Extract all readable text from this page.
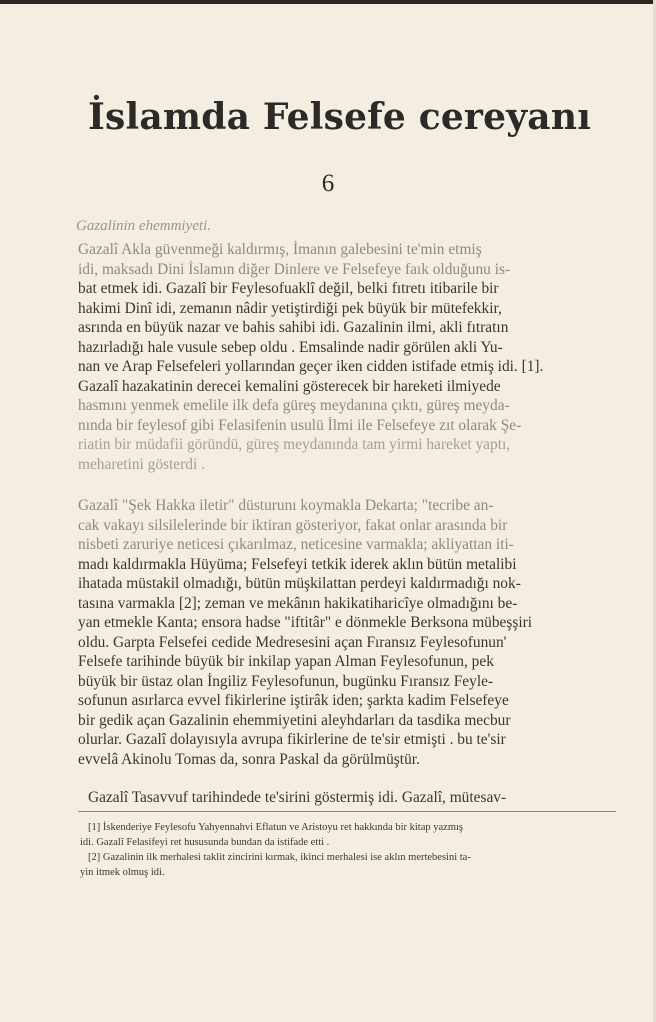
İslamda Felsefe cereyanı
6
Gazalinin ehemmiyeti.
Gazalî Akla güvenmeği kaldırmış, İmanın galebesini te'min etmiş
idi, maksadı Dini İslamın diğer Dinlere ve Felsefeye faık olduğunu is-
bat etmek idi. Gazalî bir Feylesofuaklî değil, belki fıtretı itibarile bir
hakimi Dinî idi, zemanın nâdir yetiştirdiği pek büyük bir mütefekkir,
asrında en büyük nazar ve bahis sahibi idi. Gazalinin ilmi, akli fıtratın
hazırladığı hale vusule sebep oldu . Emsalinde nadir görülen akli Yu-
nan ve Arap Felsefeleri yollarından geçer iken cidden istifade etmiş idi. [1].
Gazalî hazakatinin derecei kemalini gösterecek bir hareketi ilmiyede
hasmını yenmek emelile ilk defa güreş meydanına çıktı, güreş meyda-
nında bir feylesof gibi Felasifenin usulü İlmi ile Felsefeye zıt olarak Şe-
riatin bir müdafii göründü, güreş meydanında tam yirmi hareket yaptı,
meharetini gösterdi .
Gazalî "Şek Hakka iletir" düsturunı koymakla Dekarta; "tecribe an-
cak vakayı silsilelerinde bir iktiran gösteriyor, fakat onlar arasında bir
nisbeti zaruriye neticesi çıkarılmaz, neticesine varmakla; akliyattan iti-
madı kaldırmakla Hüyüma; Felsefeyi tetkik iderek aklın bütün metalibi
ihatada müstakil olmadığı, bütün müşkilattan perdeyi kaldırmadığı nok-
tasına varmakla [2]; zeman ve mekânın hakikatiharicîye olmadığını be-
yan etmekle Kanta; ensora hadse "iftitâr" e dönmekle Berksona mübeşşiri
oldu. Garpta Felsefei cedide Medresesini açan Fıransız Feylesofunun'
Felsefe tarihinde büyük bir inkilap yapan Alman Feylesofunun, pek
büyük bir üstaz olan İngiliz Feylesofunun, bugünku Fıransız Feyle-
sofunun asırlarca evvel fikirlerine iştirâk iden; şarkta kadim Felsefeye
bir gedik açan Gazalinin ehemmiyetini aleyhdarları da tasdika mecbur
olurlar. Gazalî dolayısıyla avrupa fikirlerine de te'sir etmişti . bu te'sir
evvelâ Akinolu Tomas da, sonra Paskal da görülmüştür.
Gazalî Tasavvuf tarihindede te'sirini göstermiş idi. Gazalî, mütesav-
[1] İskenderiye Feylesofu Yahyennahvi Eflatun ve Aristoyu ret hakkında bir kitap yazmış
idi. Gazalî Felasifeyi ret hususunda bundan da istifade etti .
[2] Gazalinin ilk merhalesi taklit zincirini kırmak, ikinci merhalesi ise aklın mertebesini ta-
yin itmek olmuş idi.
